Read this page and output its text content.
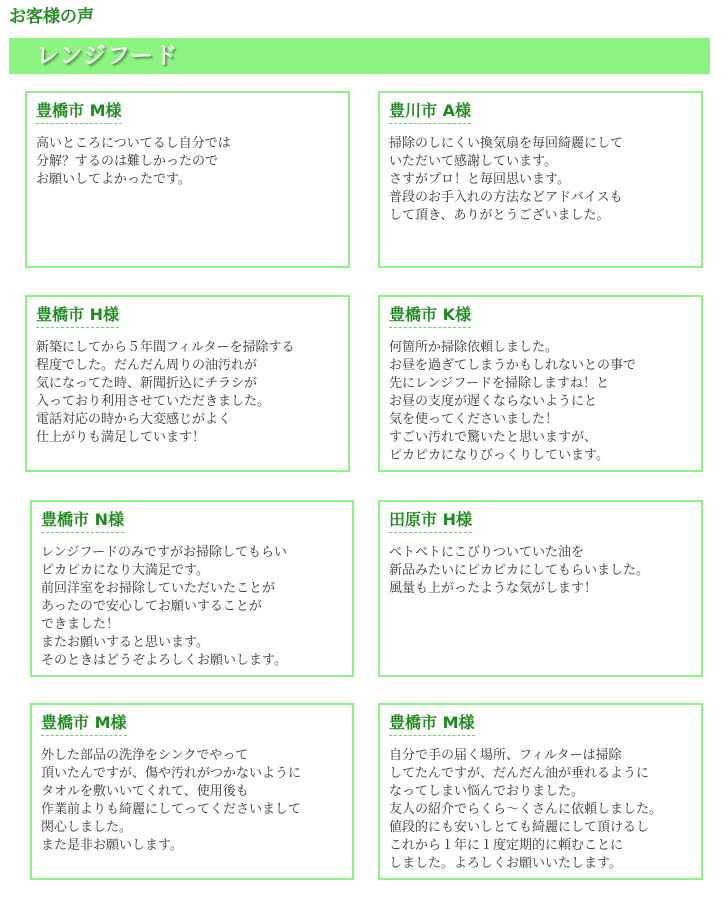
お客様の声
レンジフード
豊橋市 M様
高いところについてるし自分では
分解？するのは難しかったので
お願いしてよかったです。
豊川市 A様
掃除のしにくい換気扇を毎回綺麗にして
いただいて感謝しています。
さすがプロ！と毎回思います。
普段のお手入れの方法などアドバイスも
して頂き、ありがとうございました。
豊橋市 H様
新築にしてから５年間フィルターを掃除する
程度でした。だんだん周りの油汚れが
気になってた時、新聞折込にチラシが
入っており利用させていただきました。
電話対応の時から大変感じがよく
仕上がりも満足しています！
豊橋市 K様
何箇所か掃除依頼しました。
お昼を過ぎてしまうかもしれないとの事で
先にレンジフードを掃除しますね！と
お昼の支度が遅くならないようにと
気を使ってくださいました！
すごい汚れで驚いたと思いますが、
ピカピカになりびっくりしています。
豊橋市 N様
レンジフードのみですがお掃除してもらい
ピカピカになり大満足です。
前回洋室をお掃除していただいたことが
あったので安心してお願いすることが
できました！
またお願いすると思います。
そのときはどうぞよろしくお願いします。
田原市 H様
ベトベトにこびりついていた油を
新品みたいにピカピカにしてもらいました。
風量も上がったような気がします！
豊橋市 M様
外した部品の洗浄をシンクでやって
頂いたんですが、傷や汚れがつかないように
タオルを敷いいてくれて、使用後も
作業前よりも綺麗にしてってくださいまして
関心しました。
また是非お願いします。
豊橋市 M様
自分で手の届く場所、フィルターは掃除
してたんですが、だんだん油が垂れるように
なってしまい悩んでおりました。
友人の紹介でらくら〜くさんに依頼しました。
値段的にも安いしとても綺麗にして頂けるし
これから１年に１度定期的に頼むことに
しました。よろしくお願いいたします。
